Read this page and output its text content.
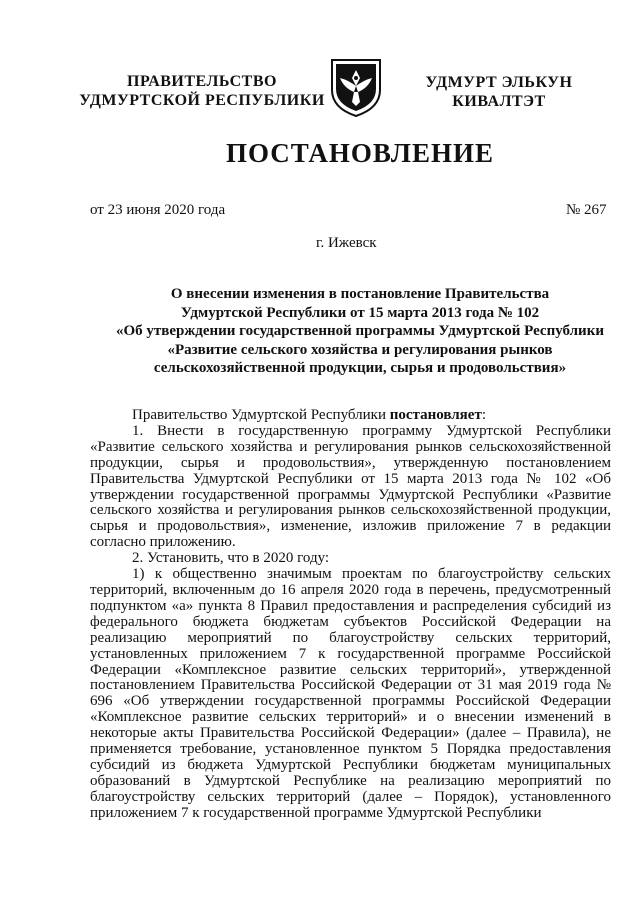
ПРАВИТЕЛЬСТВО
УДМУРТСКОЙ РЕСПУБЛИКИ
УДМУРТ ЭЛЬКУН
КИВАЛТЭТ
ПОСТАНОВЛЕНИЕ
от 23 июня 2020 года	№ 267
г. Ижевск
О внесении изменения в постановление Правительства
Удмуртской Республики от 15 марта 2013 года № 102
«Об утверждении государственной программы Удмуртской Республики
«Развитие сельского хозяйства и регулирования рынков
сельскохозяйственной продукции, сырья и продовольствия»

Правительство Удмуртской Республики постановляет:

1. Внести в государственную программу Удмуртской Республики «Развитие сельского хозяйства и регулирования рынков сельскохозяйственной продукции, сырья и продовольствия», утвержденную постановлением Правительства Удмуртской Республики от 15 марта 2013 года № 102 «Об утверждении государственной программы Удмуртской Республики «Развитие сельского хозяйства и регулирования рынков сельскохозяйственной продукции, сырья и продовольствия», изменение, изложив приложение 7 в редакции согласно приложению.

2. Установить, что в 2020 году:

1) к общественно значимым проектам по благоустройству сельских территорий, включенным до 16 апреля 2020 года в перечень, предусмотренный подпунктом «а» пункта 8 Правил предоставления и распределения субсидий из федерального бюджета бюджетам субъектов Российской Федерации на реализацию мероприятий по благоустройству сельских территорий, установленных приложением 7 к государственной программе Российской Федерации «Комплексное развитие сельских территорий», утвержденной постановлением Правительства Российской Федерации от 31 мая 2019 года № 696 «Об утверждении государственной программы Российской Федерации «Комплексное развитие сельских территорий» и о внесении изменений в некоторые акты Правительства Российской Федерации» (далее – Правила), не применяется требование, установленное пунктом 5 Порядка предоставления субсидий из бюджета Удмуртской Республики бюджетам муниципальных образований в Удмуртской Республике на реализацию мероприятий по благоустройству сельских территорий (далее – Порядок), установленного приложением 7 к государственной программе Удмуртской Республики
